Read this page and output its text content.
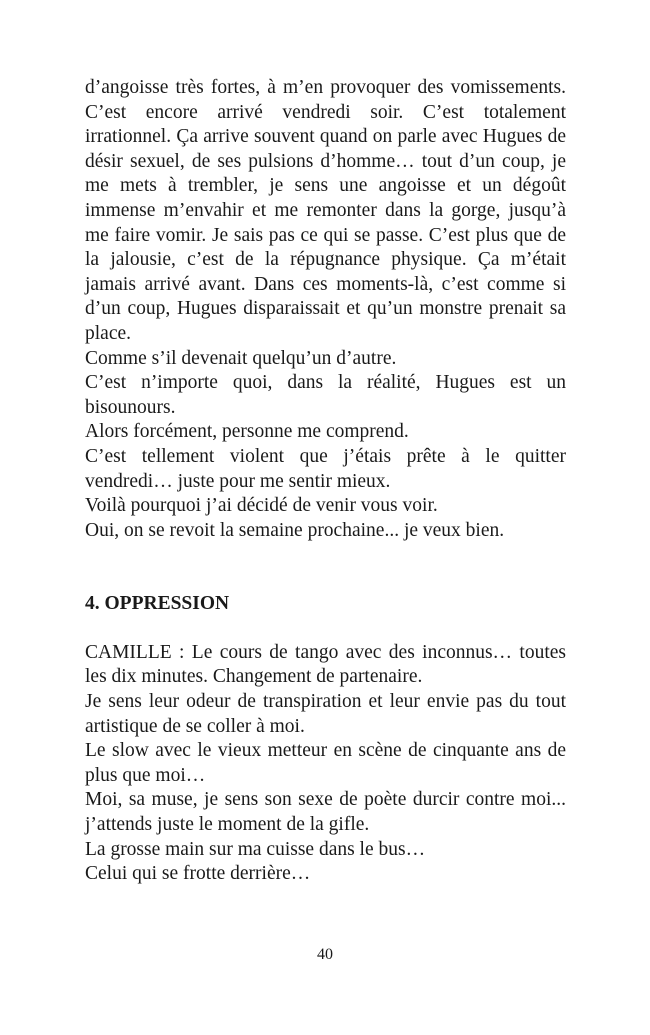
d’angoisse très fortes, à m’en provoquer des vomissements. C’est encore arrivé vendredi soir. C’est totalement irrationnel. Ça arrive souvent quand on parle avec Hugues de désir sexuel, de ses pulsions d’homme… tout d’un coup, je me mets à trembler, je sens une angoisse et un dégoût immense m’envahir et me remonter dans la gorge, jusqu’à me faire vomir. Je sais pas ce qui se passe. C’est plus que de la jalousie, c’est de la répugnance physique. Ça m’était jamais arrivé avant. Dans ces moments-là, c’est comme si d’un coup, Hugues disparaissait et qu’un monstre prenait sa place.

Comme s’il devenait quelqu’un d’autre.

C’est n’importe quoi, dans la réalité, Hugues est un bisounours.

Alors forcément, personne me comprend.

C’est tellement violent que j’étais prête à le quitter vendredi… juste pour me sentir mieux.

Voilà pourquoi j’ai décidé de venir vous voir.

Oui, on se revoit la semaine prochaine... je veux bien.

4. OPPRESSION

CAMILLE : Le cours de tango avec des inconnus… toutes les dix minutes. Changement de partenaire.

Je sens leur odeur de transpiration et leur envie pas du tout artistique de se coller à moi.

Le slow avec le vieux metteur en scène de cinquante ans de plus que moi…

Moi, sa muse, je sens son sexe de poète durcir contre moi... j’attends juste le moment de la gifle.

La grosse main sur ma cuisse dans le bus…

Celui qui se frotte derrière…

40
